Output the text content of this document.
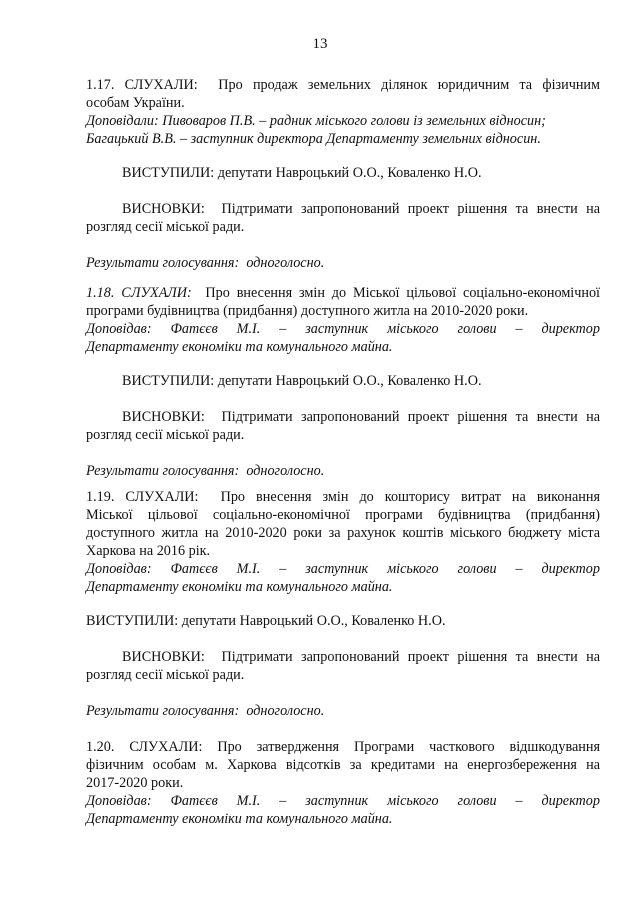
13
1.17. СЛУХАЛИ: Про продаж земельних ділянок юридичним та фізичним
особам України.
Доповідали: Пивоваров П.В. – радник міського голови із земельних відносин;
Багацький В.В. – заступник директора Департаменту земельних відносин.
ВИСТУПИЛИ: депутати Навроцький О.О., Коваленко Н.О.
ВИСНОВКИ: Підтримати запропонований проект рішення та внести на
розгляд сесії міської ради.
Результати голосування: одноголосно.
1.18. СЛУХАЛИ: Про внесення змін до Міської цільової соціально-економічної
програми будівництва (придбання) доступного житла на 2010-2020 роки.
Доповідав: Фатєєв М.І. – заступник міського голови – директор
Департаменту економіки та комунального майна.
ВИСТУПИЛИ: депутати Навроцький О.О., Коваленко Н.О.
ВИСНОВКИ: Підтримати запропонований проект рішення та внести на
розгляд сесії міської ради.
Результати голосування: одноголосно.
1.19. СЛУХАЛИ: Про внесення змін до кошторису витрат на виконання
Міської цільової соціально-економічної програми будівництва (придбання)
доступного житла на 2010-2020 роки за рахунок коштів міського бюджету міста
Харкова на 2016 рік.
Доповідав: Фатєєв М.І. – заступник міського голови – директор
Департаменту економіки та комунального майна.
ВИСТУПИЛИ: депутати Навроцький О.О., Коваленко Н.О.
ВИСНОВКИ: Підтримати запропонований проект рішення та внести на
розгляд сесії міської ради.
Результати голосування: одноголосно.
1.20. СЛУХАЛИ: Про затвердження Програми часткового відшкодування
фізичним особам м. Харкова відсотків за кредитами на енергозбереження на
2017-2020 роки.
Доповідав: Фатєєв М.І. – заступник міського голови – директор
Департаменту економіки та комунального майна.
